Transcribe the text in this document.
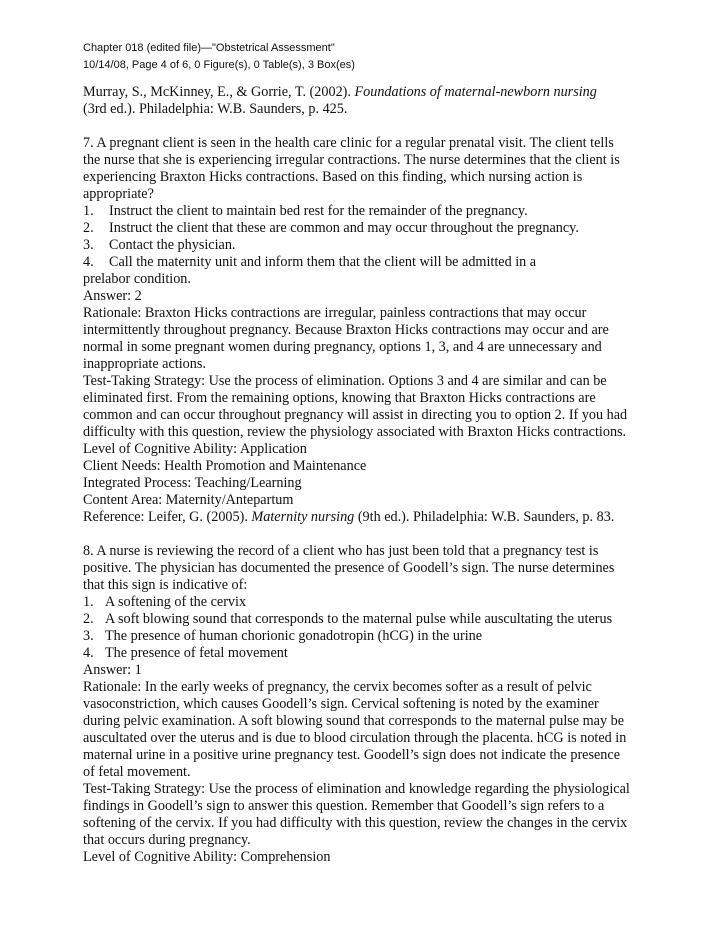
Chapter 018 (edited file)—"Obstetrical Assessment"
10/14/08, Page 4 of 6, 0 Figure(s), 0 Table(s), 3 Box(es)
Murray, S., McKinney, E., & Gorrie, T. (2002). Foundations of maternal-newborn nursing
(3rd ed.). Philadelphia: W.B. Saunders, p. 425.
7. A pregnant client is seen in the health care clinic for a regular prenatal visit. The client tells
the nurse that she is experiencing irregular contractions. The nurse determines that the client is
experiencing Braxton Hicks contractions. Based on this finding, which nursing action is
appropriate?
1. Instruct the client to maintain bed rest for the remainder of the pregnancy.
2. Instruct the client that these are common and may occur throughout the pregnancy.
3. Contact the physician.
4. Call the maternity unit and inform them that the client will be admitted in a
prelabor condition.
Answer: 2
Rationale: Braxton Hicks contractions are irregular, painless contractions that may occur
intermittently throughout pregnancy. Because Braxton Hicks contractions may occur and are
normal in some pregnant women during pregnancy, options 1, 3, and 4 are unnecessary and
inappropriate actions.
Test-Taking Strategy: Use the process of elimination. Options 3 and 4 are similar and can be
eliminated first. From the remaining options, knowing that Braxton Hicks contractions are
common and can occur throughout pregnancy will assist in directing you to option 2. If you had
difficulty with this question, review the physiology associated with Braxton Hicks contractions.
Level of Cognitive Ability: Application
Client Needs: Health Promotion and Maintenance
Integrated Process: Teaching/Learning
Content Area: Maternity/Antepartum
Reference: Leifer, G. (2005). Maternity nursing (9th ed.). Philadelphia: W.B. Saunders, p. 83.
8. A nurse is reviewing the record of a client who has just been told that a pregnancy test is
positive. The physician has documented the presence of Goodell’s sign. The nurse determines
that this sign is indicative of:
1. A softening of the cervix
2. A soft blowing sound that corresponds to the maternal pulse while auscultating the uterus
3. The presence of human chorionic gonadotropin (hCG) in the urine
4. The presence of fetal movement
Answer: 1
Rationale: In the early weeks of pregnancy, the cervix becomes softer as a result of pelvic
vasoconstriction, which causes Goodell’s sign. Cervical softening is noted by the examiner
during pelvic examination. A soft blowing sound that corresponds to the maternal pulse may be
auscultated over the uterus and is due to blood circulation through the placenta. hCG is noted in
maternal urine in a positive urine pregnancy test. Goodell’s sign does not indicate the presence
of fetal movement.
Test-Taking Strategy: Use the process of elimination and knowledge regarding the physiological
findings in Goodell’s sign to answer this question. Remember that Goodell’s sign refers to a
softening of the cervix. If you had difficulty with this question, review the changes in the cervix
that occurs during pregnancy.
Level of Cognitive Ability: Comprehension
